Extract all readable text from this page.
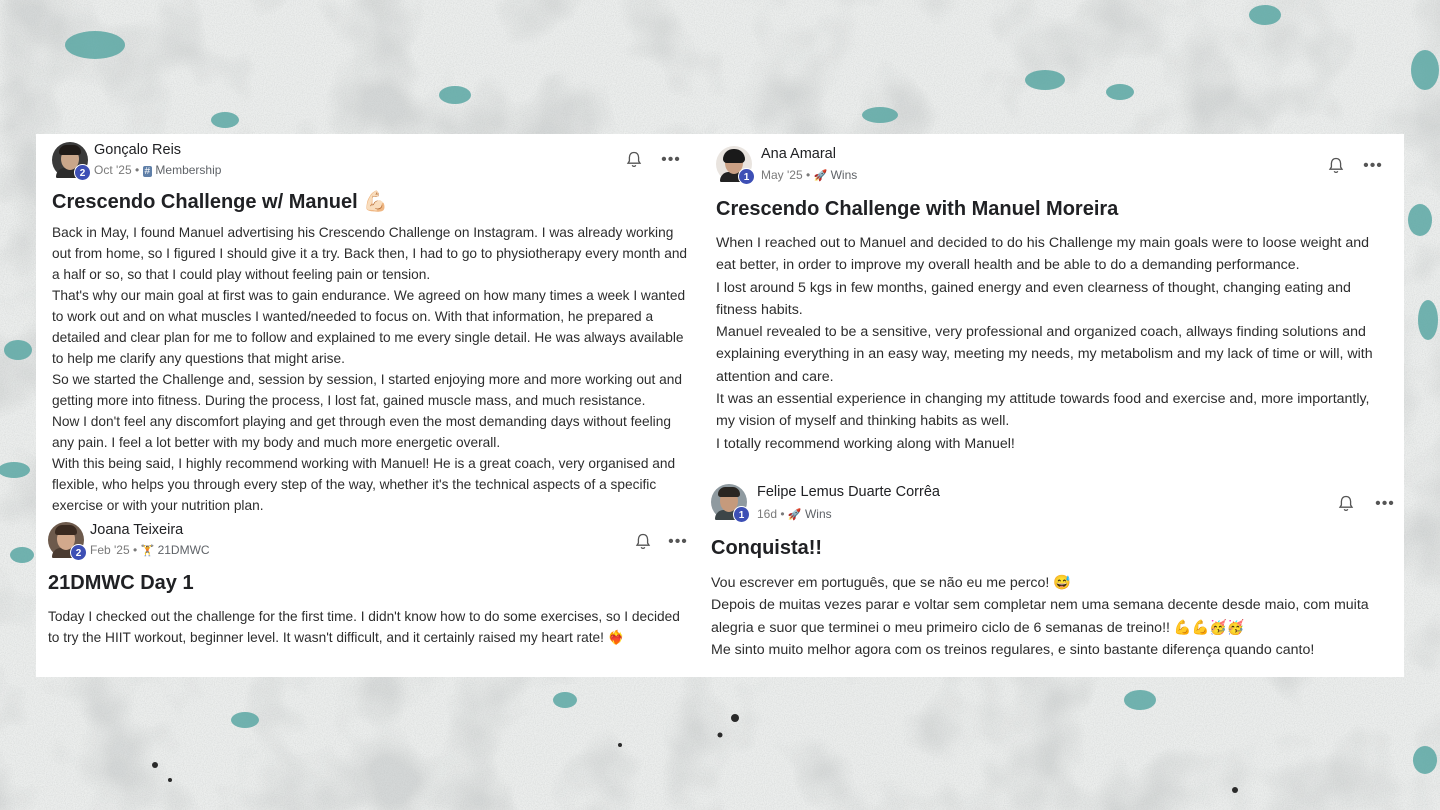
2
Gonçalo Reis
Oct '25 • # Membership
•••
Crescendo Challenge w/ Manuel 💪🏻

Back in May, I found Manuel advertising his Crescendo Challenge on Instagram. I was already working out from home, so I figured I should give it a try. Back then, I had to go to physiotherapy every month and a half or so, so that I could play without feeling pain or tension.

That's why our main goal at first was to gain endurance. We agreed on how many times a week I wanted to work out and on what muscles I wanted/needed to focus on. With that information, he prepared a detailed and clear plan for me to follow and explained to me every single detail. He was always available to help me clarify any questions that might arise.

So we started the Challenge and, session by session, I started enjoying more and more working out and getting more into fitness. During the process, I lost fat, gained muscle mass, and much resistance.

Now I don't feel any discomfort playing and get through even the most demanding days without feeling any pain. I feel a lot better with my body and much more energetic overall.

With this being said, I highly recommend working with Manuel! He is a great coach, very organised and flexible, who helps you through every step of the way, whether it's the technical aspects of a specific exercise or with your nutrition plan.

2
Joana Teixeira
Feb '25 • 🏋 21DMWC	•••
21DMWC Day 1

Today I checked out the challenge for the first time. I didn't know how to do some exercises, so I decided to try the HIIT workout, beginner level. It wasn't difficult, and it certainly raised my heart rate! ❤️‍🔥

1
Ana Amaral
May '25 • 🚀 Wins
•••
Crescendo Challenge with Manuel Moreira

When I reached out to Manuel and decided to do his Challenge my main goals were to loose weight and eat better, in order to improve my overall health and be able to do a demanding performance.

I lost around 5 kgs in few months, gained energy and even clearness of thought, changing eating and fitness habits.

Manuel revealed to be a sensitive, very professional and organized coach, allways finding solutions and explaining everything in an easy way, meeting my needs, my metabolism and my lack of time or will, with attention and care.

It was an essential experience in changing my attitude towards food and exercise and, more importantly, my vision of myself and thinking habits as well.

I totally recommend working along with Manuel!

1
Felipe Lemus Duarte Corrêa
16d • 🚀 Wins
•••
Conquista!!

Vou escrever em português, que se não eu me perco! 😅

Depois de muitas vezes parar e voltar sem completar nem uma semana decente desde maio, com muita alegria e suor que terminei o meu primeiro ciclo de 6 semanas de treino!! 💪💪🥳🥳

Me sinto muito melhor agora com os treinos regulares, e sinto bastante diferença quando canto!
